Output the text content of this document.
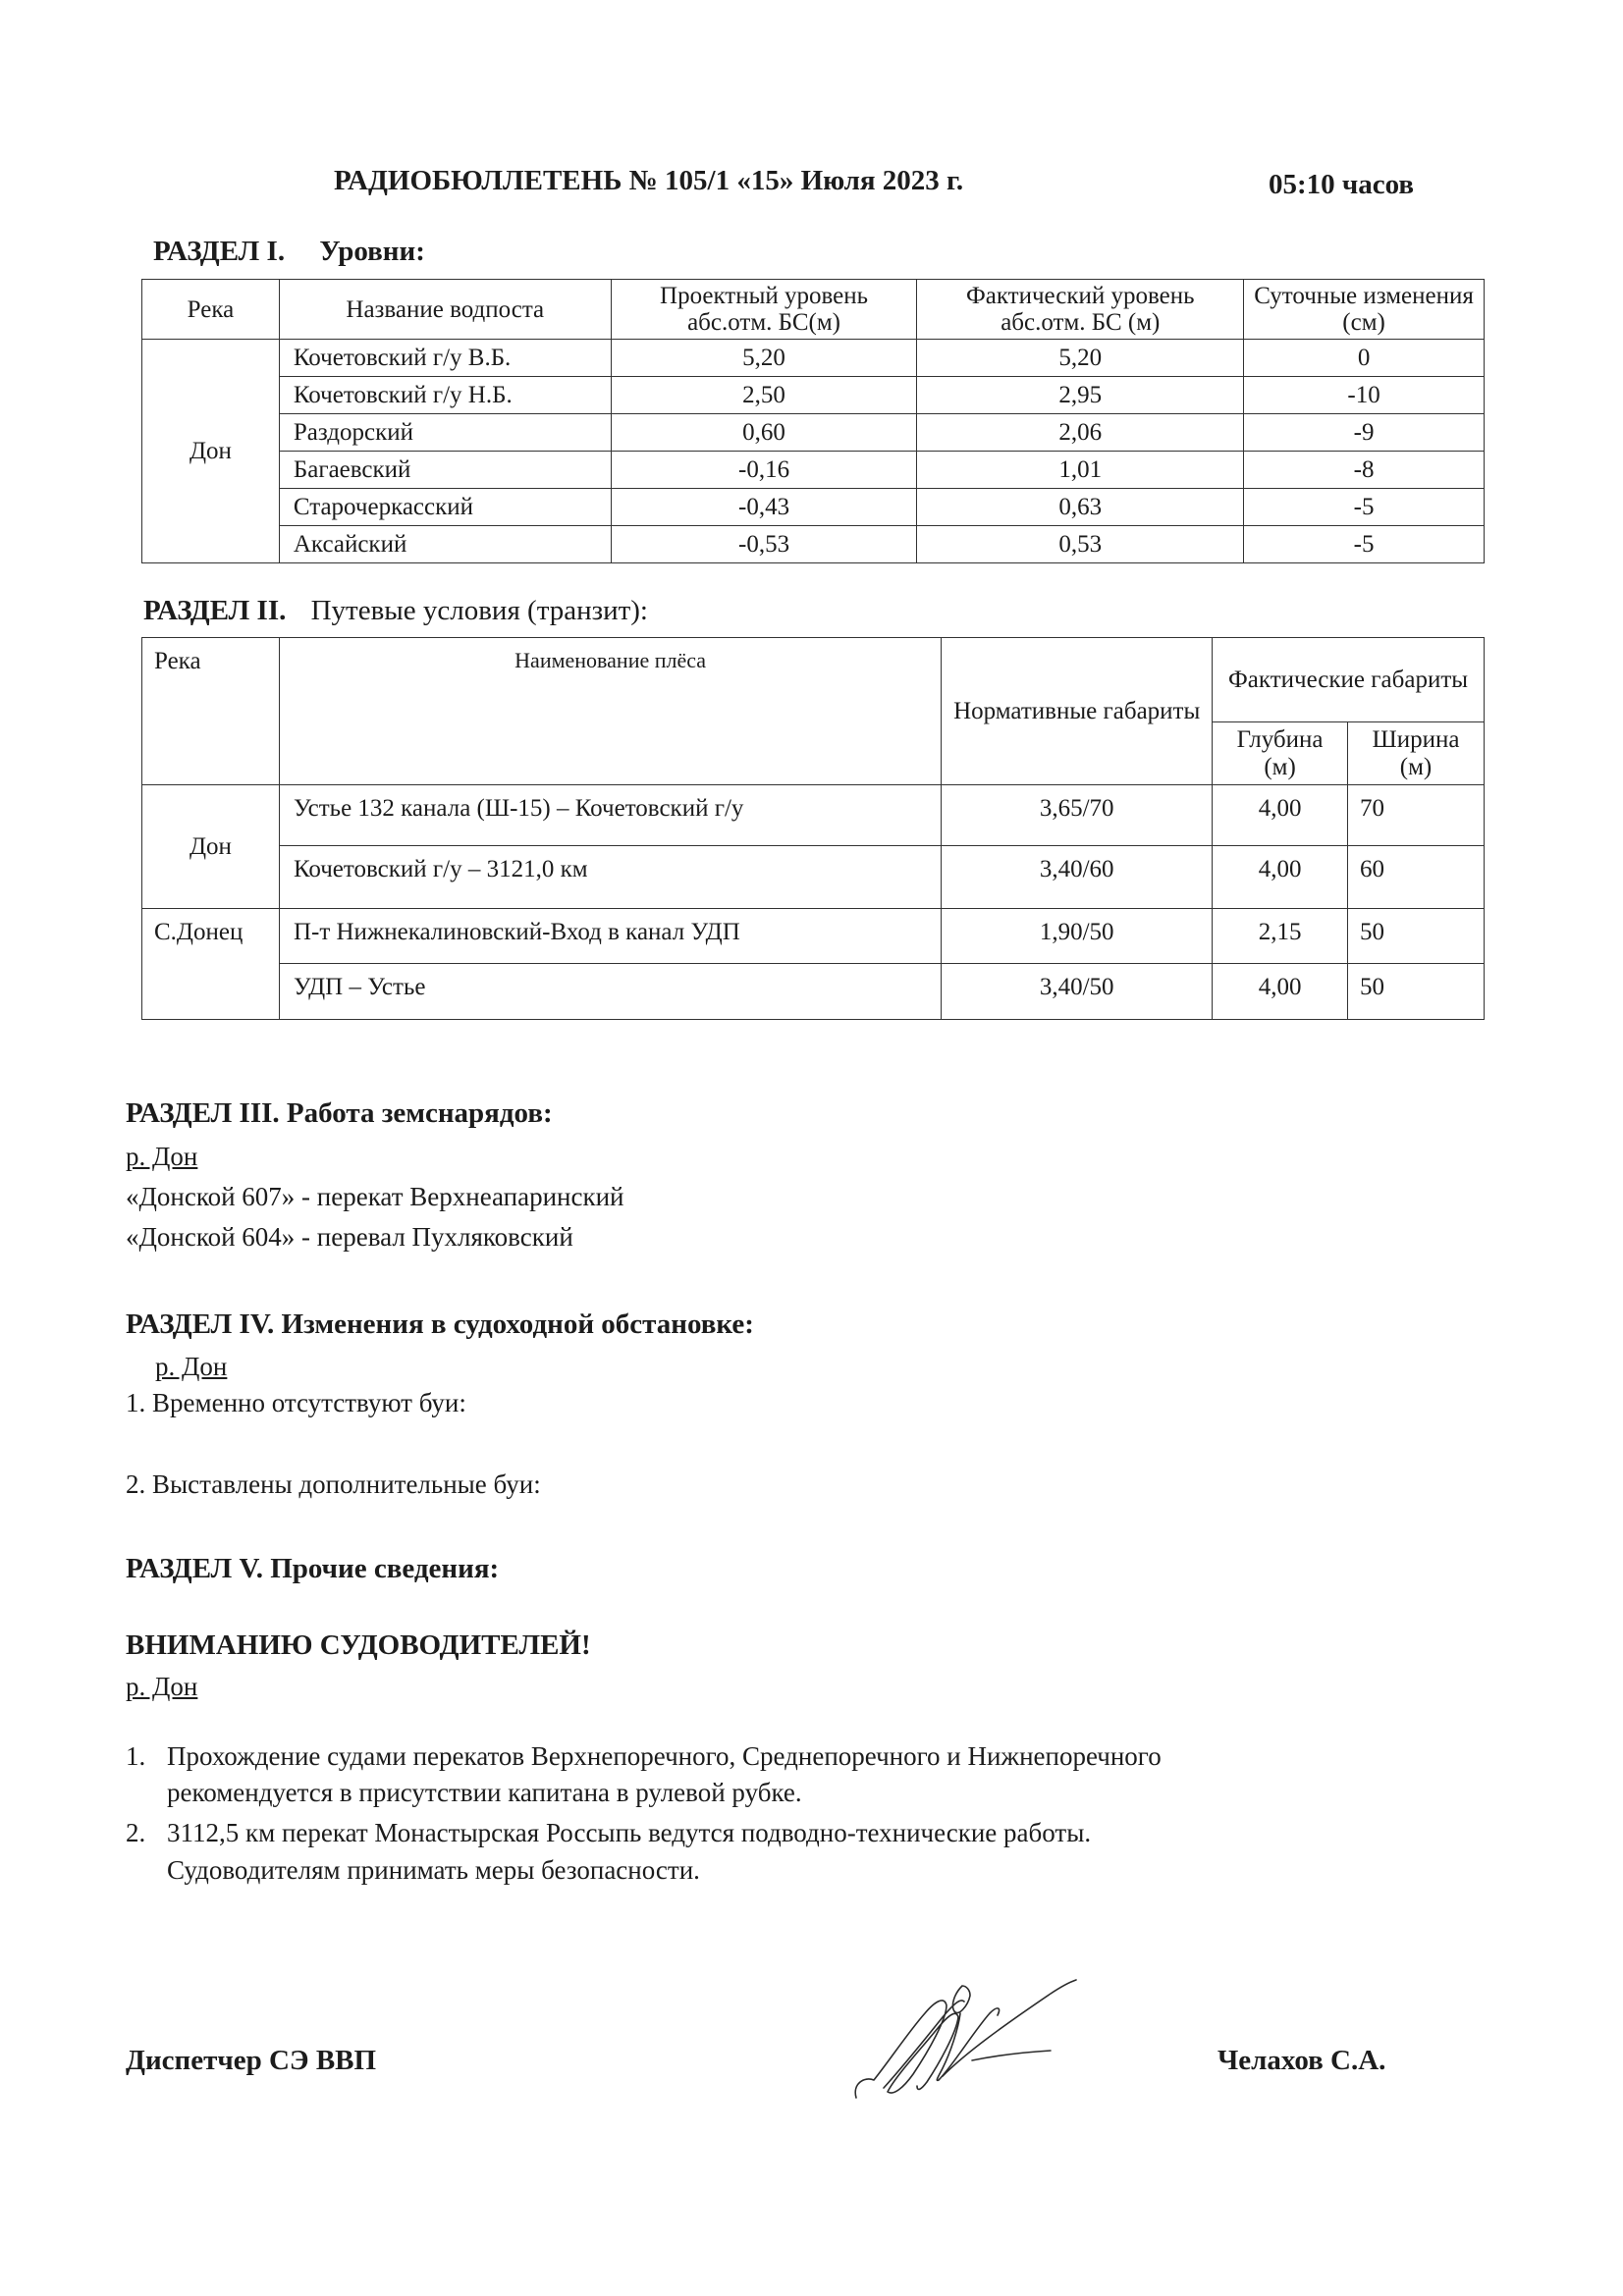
РАДИОБЮЛЛЕТЕНЬ № 105/1 «15» Июля 2023 г.	05:10 часов
РАЗДЕЛ I. Уровни:
Река	Название водпоста	Проектный уровень абс.отм. БС(м)	Фактический уровень абс.отм. БС (м)	Суточные изменения (см)
Дон	Кочетовский г/у В.Б.	5,20	5,20	0
	Кочетовский г/у Н.Б.	2,50	2,95	-10
	Раздорский	0,60	2,06	-9
	Багаевский	-0,16	1,01	-8
	Старочеркасский	-0,43	0,63	-5
	Аксайский	-0,53	0,53	-5
РАЗДЕЛ II. Путевые условия (транзит):
Река	Наименование плёса	Нормативные габариты	Фактические габариты	
			Глубина (м)	Ширина (м)
Дон	Устье 132 канала (Ш-15) – Кочетовский г/у	3,65/70	4,00	70
	Кочетовский г/у – 3121,0 км	3,40/60	4,00	60
С.Донец	П-т Нижнекалиновский-Вход в канал УДП	1,90/50	2,15	50
	УДП – Устье	3,40/50	4,00	50
РАЗДЕЛ III. Работа земснарядов:
р. Дон
«Донской 607» - перекат Верхнеапаринский
«Донской 604» - перевал Пухляковский
РАЗДЕЛ IV. Изменения в судоходной обстановке:
р. Дон
1. Временно отсутствуют буи:
2. Выставлены дополнительные буи:
РАЗДЕЛ V. Прочие сведения:
ВНИМАНИЮ СУДОВОДИТЕЛЕЙ!
р. Дон
1. Прохождение судами перекатов Верхнепоречного, Среднепоречного и Нижнепоречного
рекомендуется в присутствии капитана в рулевой рубке.
2. 3112,5 км перекат Монастырская Россыпь ведутся подводно-технические работы.
Судоводителям принимать меры безопасности.
Диспетчер СЭ ВВП	Челахов С.А.
